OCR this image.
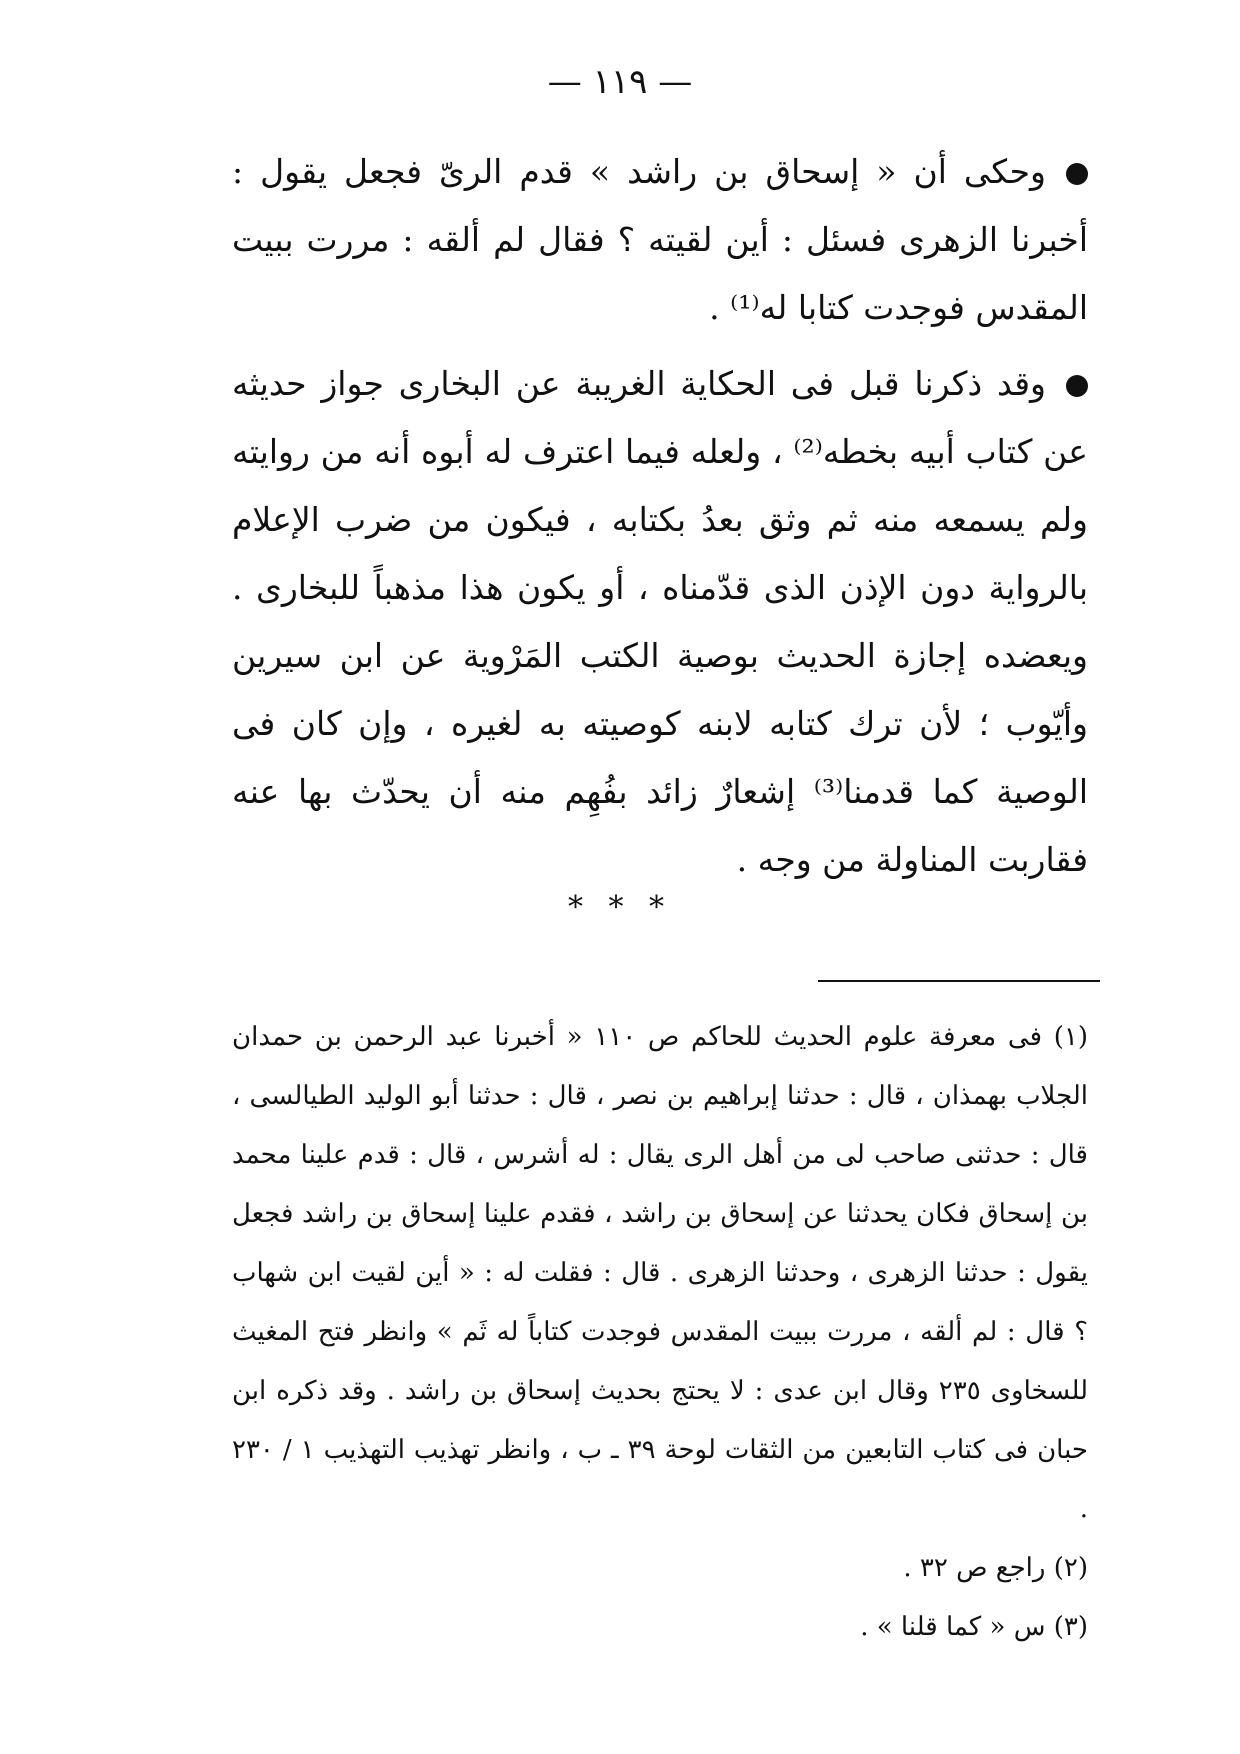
— ١١٩ —

وحكى أن « إسحاق بن راشد » قدم الرىّ فجعل يقول : أخبرنا الزهرى فسئل : أين لقيته ؟ فقال لم ألقه : مررت ببيت المقدس فوجدت كتابا له⁽¹⁾ .

وقد ذكرنا قبل فى الحكاية الغريبة عن البخارى جواز حديثه عن كتاب أبيه بخطه⁽²⁾ ، ولعله فيما اعترف له أبوه أنه من روايته ولم يسمعه منه ثم وثق بعدُ بكتابه ، فيكون من ضرب الإعلام بالرواية دون الإذن الذى قدّمناه ، أو يكون هذا مذهباً للبخارى . ويعضده إجازة الحديث بوصية الكتب المَرْوية عن ابن سيرين وأيّوب ؛ لأن ترك كتابه لابنه كوصيته به لغيره ، وإن كان فى الوصية كما قدمنا⁽³⁾ إشعارٌ زائد بفُهِم منه أن يحدّث بها عنه فقاربت المناولة من وجه .

* * *

(١) فى معرفة علوم الحديث للحاكم ص ١١٠ « أخبرنا عبد الرحمن بن حمدان الجلاب بهمذان ، قال : حدثنا إبراهيم بن نصر ، قال : حدثنا أبو الوليد الطيالسى ، قال : حدثنى صاحب لى من أهل الرى يقال : له أشرس ، قال : قدم علينا محمد بن إسحاق فكان يحدثنا عن إسحاق بن راشد ، فقدم علينا إسحاق بن راشد فجعل يقول : حدثنا الزهرى ، وحدثنا الزهرى . قال : فقلت له : « أين لقيت ابن شهاب ؟ قال : لم ألقه ، مررت ببيت المقدس فوجدت كتاباً له ثَم » وانظر فتح المغيث للسخاوى ٢٣٥ وقال ابن عدى : لا يحتج بحديث إسحاق بن راشد . وقد ذكره ابن حبان فى كتاب التابعين من الثقات لوحة ٣٩ ـ ب ، وانظر تهذيب التهذيب ١ / ٢٣٠ .

(٢) راجع ص ٣٢ .

(٣) س « كما قلنا » .
